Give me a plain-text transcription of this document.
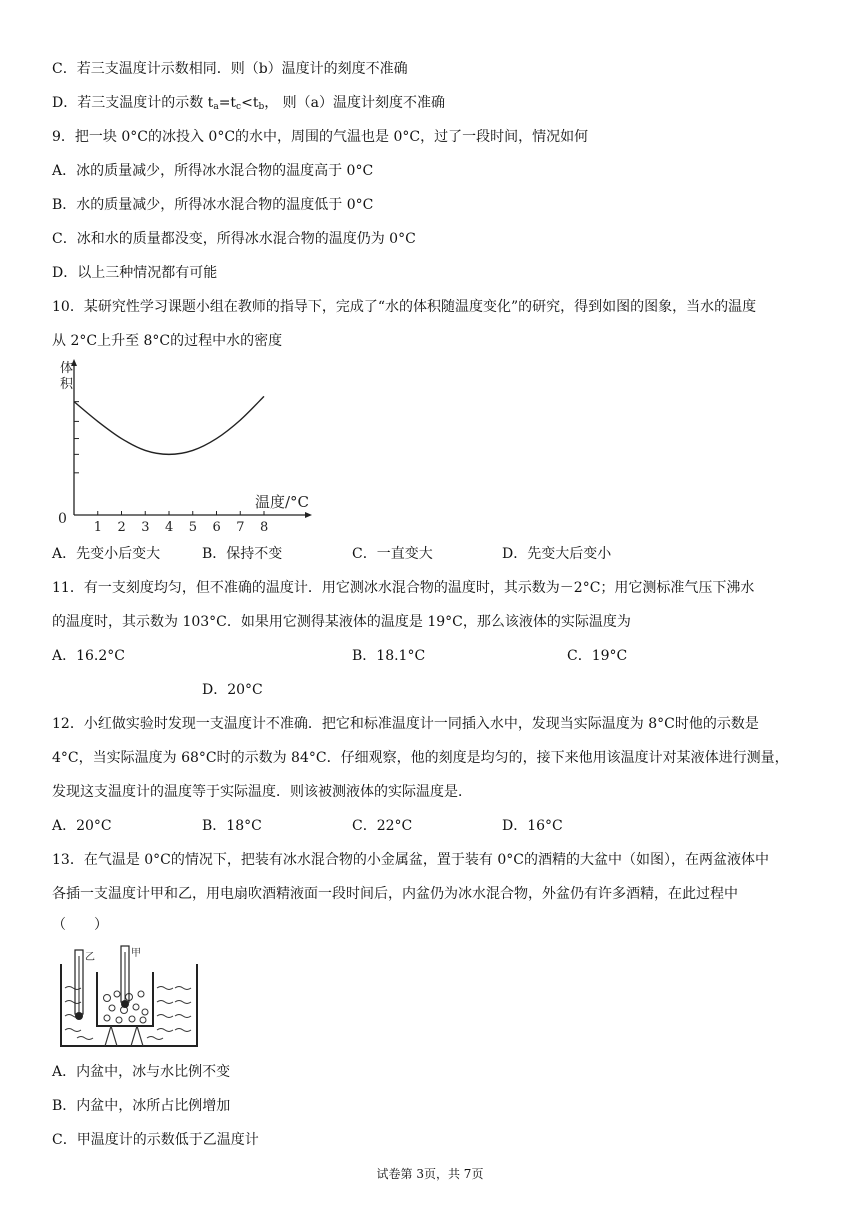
C．若三支温度计示数相同．则（b）温度计的刻度不准确
D．若三支温度计的示数 $t_a=t_c<t_b$， 则（a）温度计刻度不准确
9．把一块 0°C的冰投入 0°C的水中，周围的气温也是 0°C，过了一段时间，情况如何
A．冰的质量减少，所得冰水混合物的温度高于 0°C
B．水的质量减少，所得冰水混合物的温度低于 0°C
C．冰和水的质量都没变，所得冰水混合物的温度仍为 0°C
D．以上三种情况都有可能
10．某研究性学习课题小组在教师的指导下，完成了“水的体积随温度变化”的研究，得到如图的图象，当水的温度
从 2°C上升至 8°C的过程中水的密度
体
积
温度/°C
0
1 2 3 4 5 6 7 8
A．先变小后变大	B．保持不变	C．一直变大	D．先变大后变小
11．有一支刻度均匀，但不准确的温度计．用它测冰水混合物的温度时，其示数为－2°C；用它测标准气压下沸水
的温度时，其示数为 103°C．如果用它测得某液体的温度是 19°C，那么该液体的实际温度为
A．16.2°C	B．18.1°C	C．19°C
D．20°C
12．小红做实验时发现一支温度计不准确．把它和标准温度计一同插入水中，发现当实际温度为 8°C时他的示数是
4°C，当实际温度为 68°C时的示数为 84°C．仔细观察，他的刻度是均匀的，接下来他用该温度计对某液体进行测量，
发现这支温度计的温度等于实际温度．则该被测液体的实际温度是．
A．20°C	B．18°C	C．22°C	D．16°C
13．在气温是 0°C的情况下，把装有冰水混合物的小金属盆，置于装有 0°C的酒精的大盆中（如图），在两盆液体中
各插一支温度计甲和乙，用电扇吹酒精液面一段时间后，内盆仍为冰水混合物，外盆仍有许多酒精，在此过程中
（　　）
乙	甲
A．内盆中，冰与水比例不变
B．内盆中，冰所占比例增加
C．甲温度计的示数低于乙温度计
试卷第 3页，共 7页
